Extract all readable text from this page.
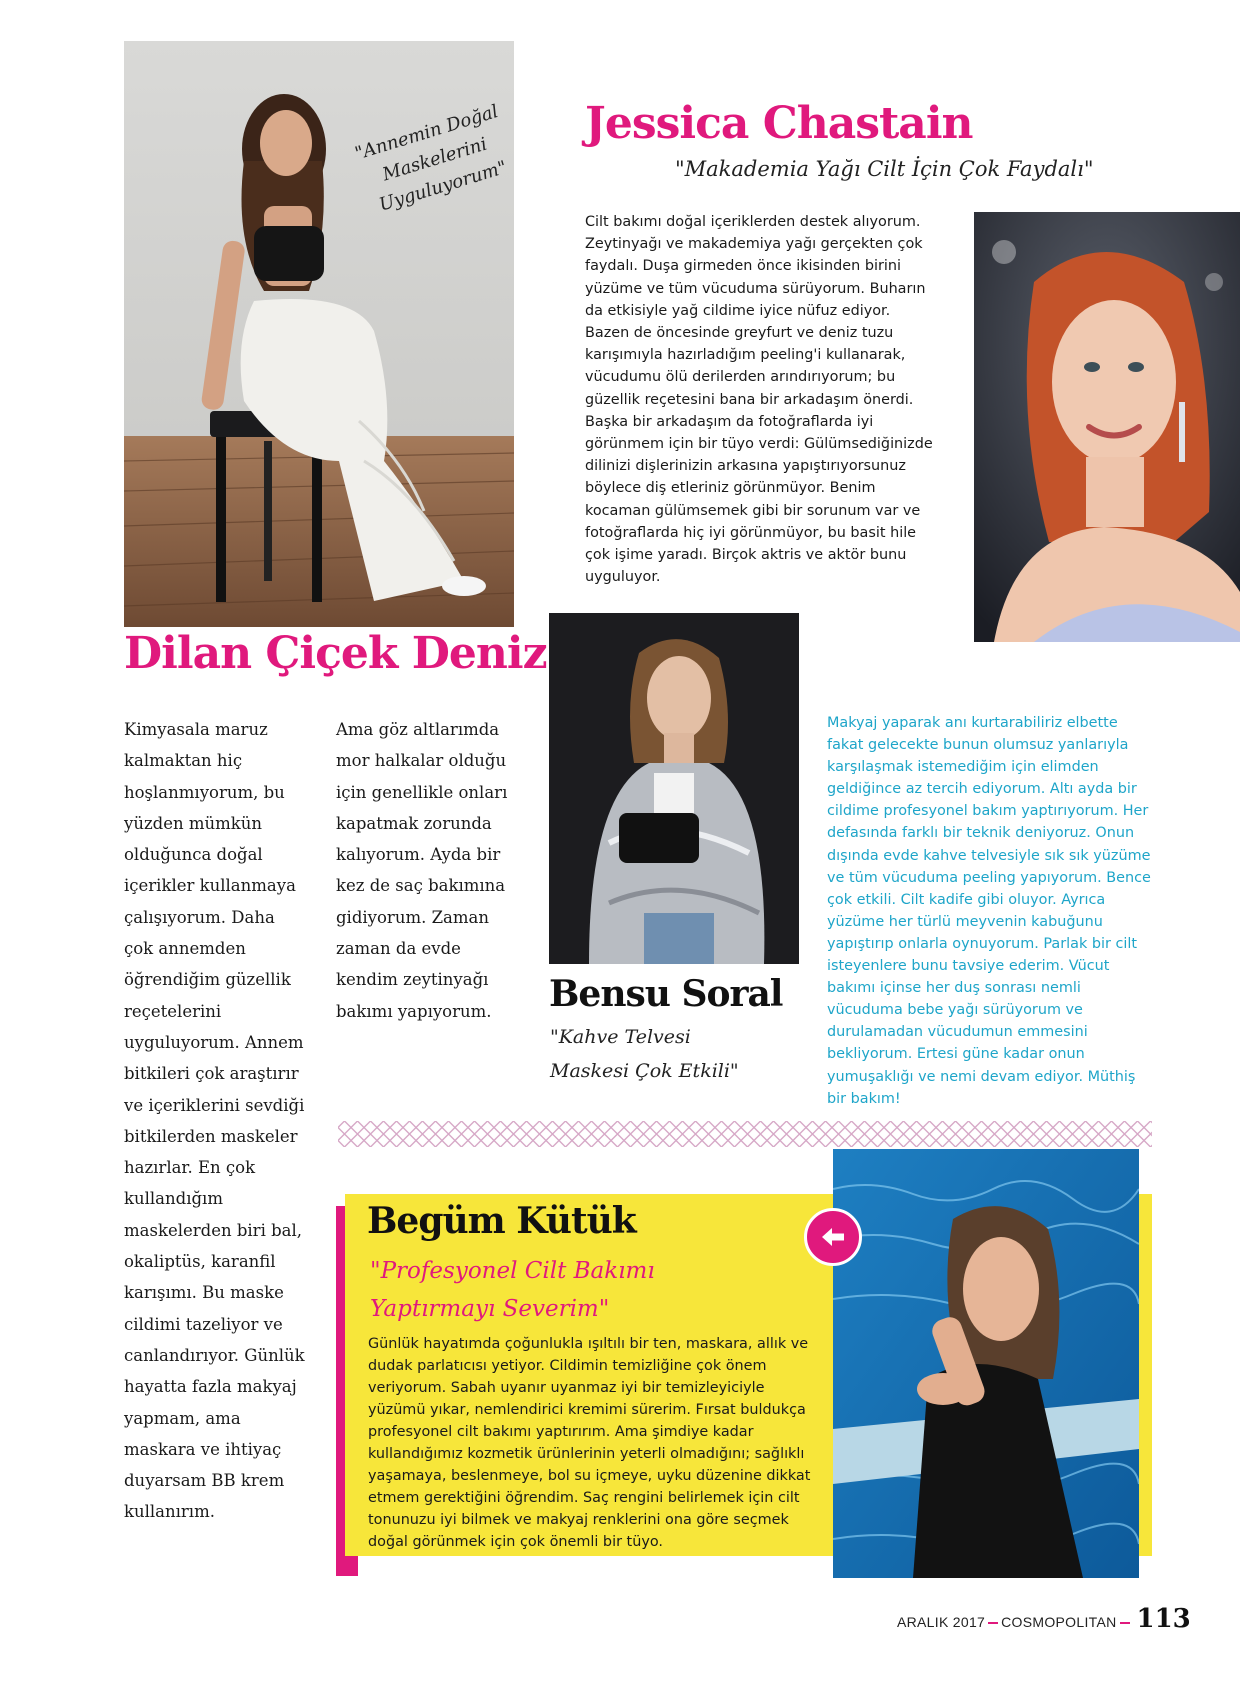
"Annemin Doğal Maskelerini Uyguluyorum"
Dilan Çiçek Deniz
Kimyasala maruz kalmaktan hiç hoşlanmıyorum, bu yüzden mümkün olduğunca doğal içerikler kullanmaya çalışıyorum. Daha çok annemden öğrendiğim güzellik reçetelerini uyguluyorum. Annem bitkileri çok araştırır ve içeriklerini sevdiği bitkilerden maskeler hazırlar. En çok kullandığım maskelerden biri bal, okaliptüs, karanfil karışımı. Bu maske cildimi tazeliyor ve canlandırıyor. Günlük hayatta fazla makyaj yapmam, ama maskara ve ihtiyaç duyarsam BB krem kullanırım.
Ama göz altlarımda mor halkalar olduğu için genellikle onları kapatmak zorunda kalıyorum. Ayda bir kez de saç bakımına gidiyorum. Zaman zaman da evde kendim zeytinyağı bakımı yapıyorum.
Jessica Chastain
"Makademia Yağı Cilt İçin Çok Faydalı"
Cilt bakımı doğal içeriklerden destek alıyorum. Zeytinyağı ve makademiya yağı gerçekten çok faydalı. Duşa girmeden önce ikisinden birini yüzüme ve tüm vücuduma sürüyorum. Buharın da etkisiyle yağ cildime iyice nüfuz ediyor. Bazen de öncesinde greyfurt ve deniz tuzu karışımıyla hazırladığım peeling'i kullanarak, vücudumu ölü derilerden arındırıyorum; bu güzellik reçetesini bana bir arkadaşım önerdi. Başka bir arkadaşım da fotoğraflarda iyi görünmem için bir tüyo verdi: Gülümsediğinizde dilinizi dişlerinizin arkasına yapıştırıyorsunuz böylece diş etleriniz görünmüyor. Benim kocaman gülümsemek gibi bir sorunum var ve fotoğraflarda hiç iyi görünmüyor, bu basit hile çok işime yaradı. Birçok aktris ve aktör bunu uyguluyor.
Bensu Soral
"Kahve Telvesi Maskesi Çok Etkili"
Makyaj yaparak anı kurtarabiliriz elbette fakat gelecekte bunun olumsuz yanlarıyla karşılaşmak istemediğim için elimden geldiğince az tercih ediyorum. Altı ayda bir cildime profesyonel bakım yaptırıyorum. Her defasında farklı bir teknik deniyoruz. Onun dışında evde kahve telvesiyle sık sık yüzüme ve tüm vücuduma peeling yapıyorum. Bence çok etkili. Cilt kadife gibi oluyor. Ayrıca yüzüme her türlü meyvenin kabuğunu yapıştırıp onlarla oynuyorum. Parlak bir cilt isteyenlere bunu tavsiye ederim. Vücut bakımı içinse her duş sonrası nemli vücuduma bebe yağı sürüyorum ve durulamadan vücudumun emmesini bekliyorum. Ertesi güne kadar onun yumuşaklığı ve nemi devam ediyor. Müthiş bir bakım!
Begüm Kütük
"Profesyonel Cilt Bakımı Yaptırmayı Severim"
Günlük hayatımda çoğunlukla ışıltılı bir ten, maskara, allık ve dudak parlatıcısı yetiyor. Cildimin temizliğine çok önem veriyorum. Sabah uyanır uyanmaz iyi bir temizleyiciyle yüzümü yıkar, nemlendirici kremimi sürerim. Fırsat buldukça profesyonel cilt bakımı yaptırırım. Ama şimdiye kadar kullandığımız kozmetik ürünlerinin yeterli olmadığını; sağlıklı yaşamaya, beslenmeye, bol su içmeye, uyku düzenine dikkat etmem gerektiğini öğrendim. Saç rengini belirlemek için cilt tonunuzu iyi bilmek ve makyaj renklerini ona göre seçmek doğal görünmek için çok önemli bir tüyo.
ARALIK 2017 COSMOPOLITAN 113
